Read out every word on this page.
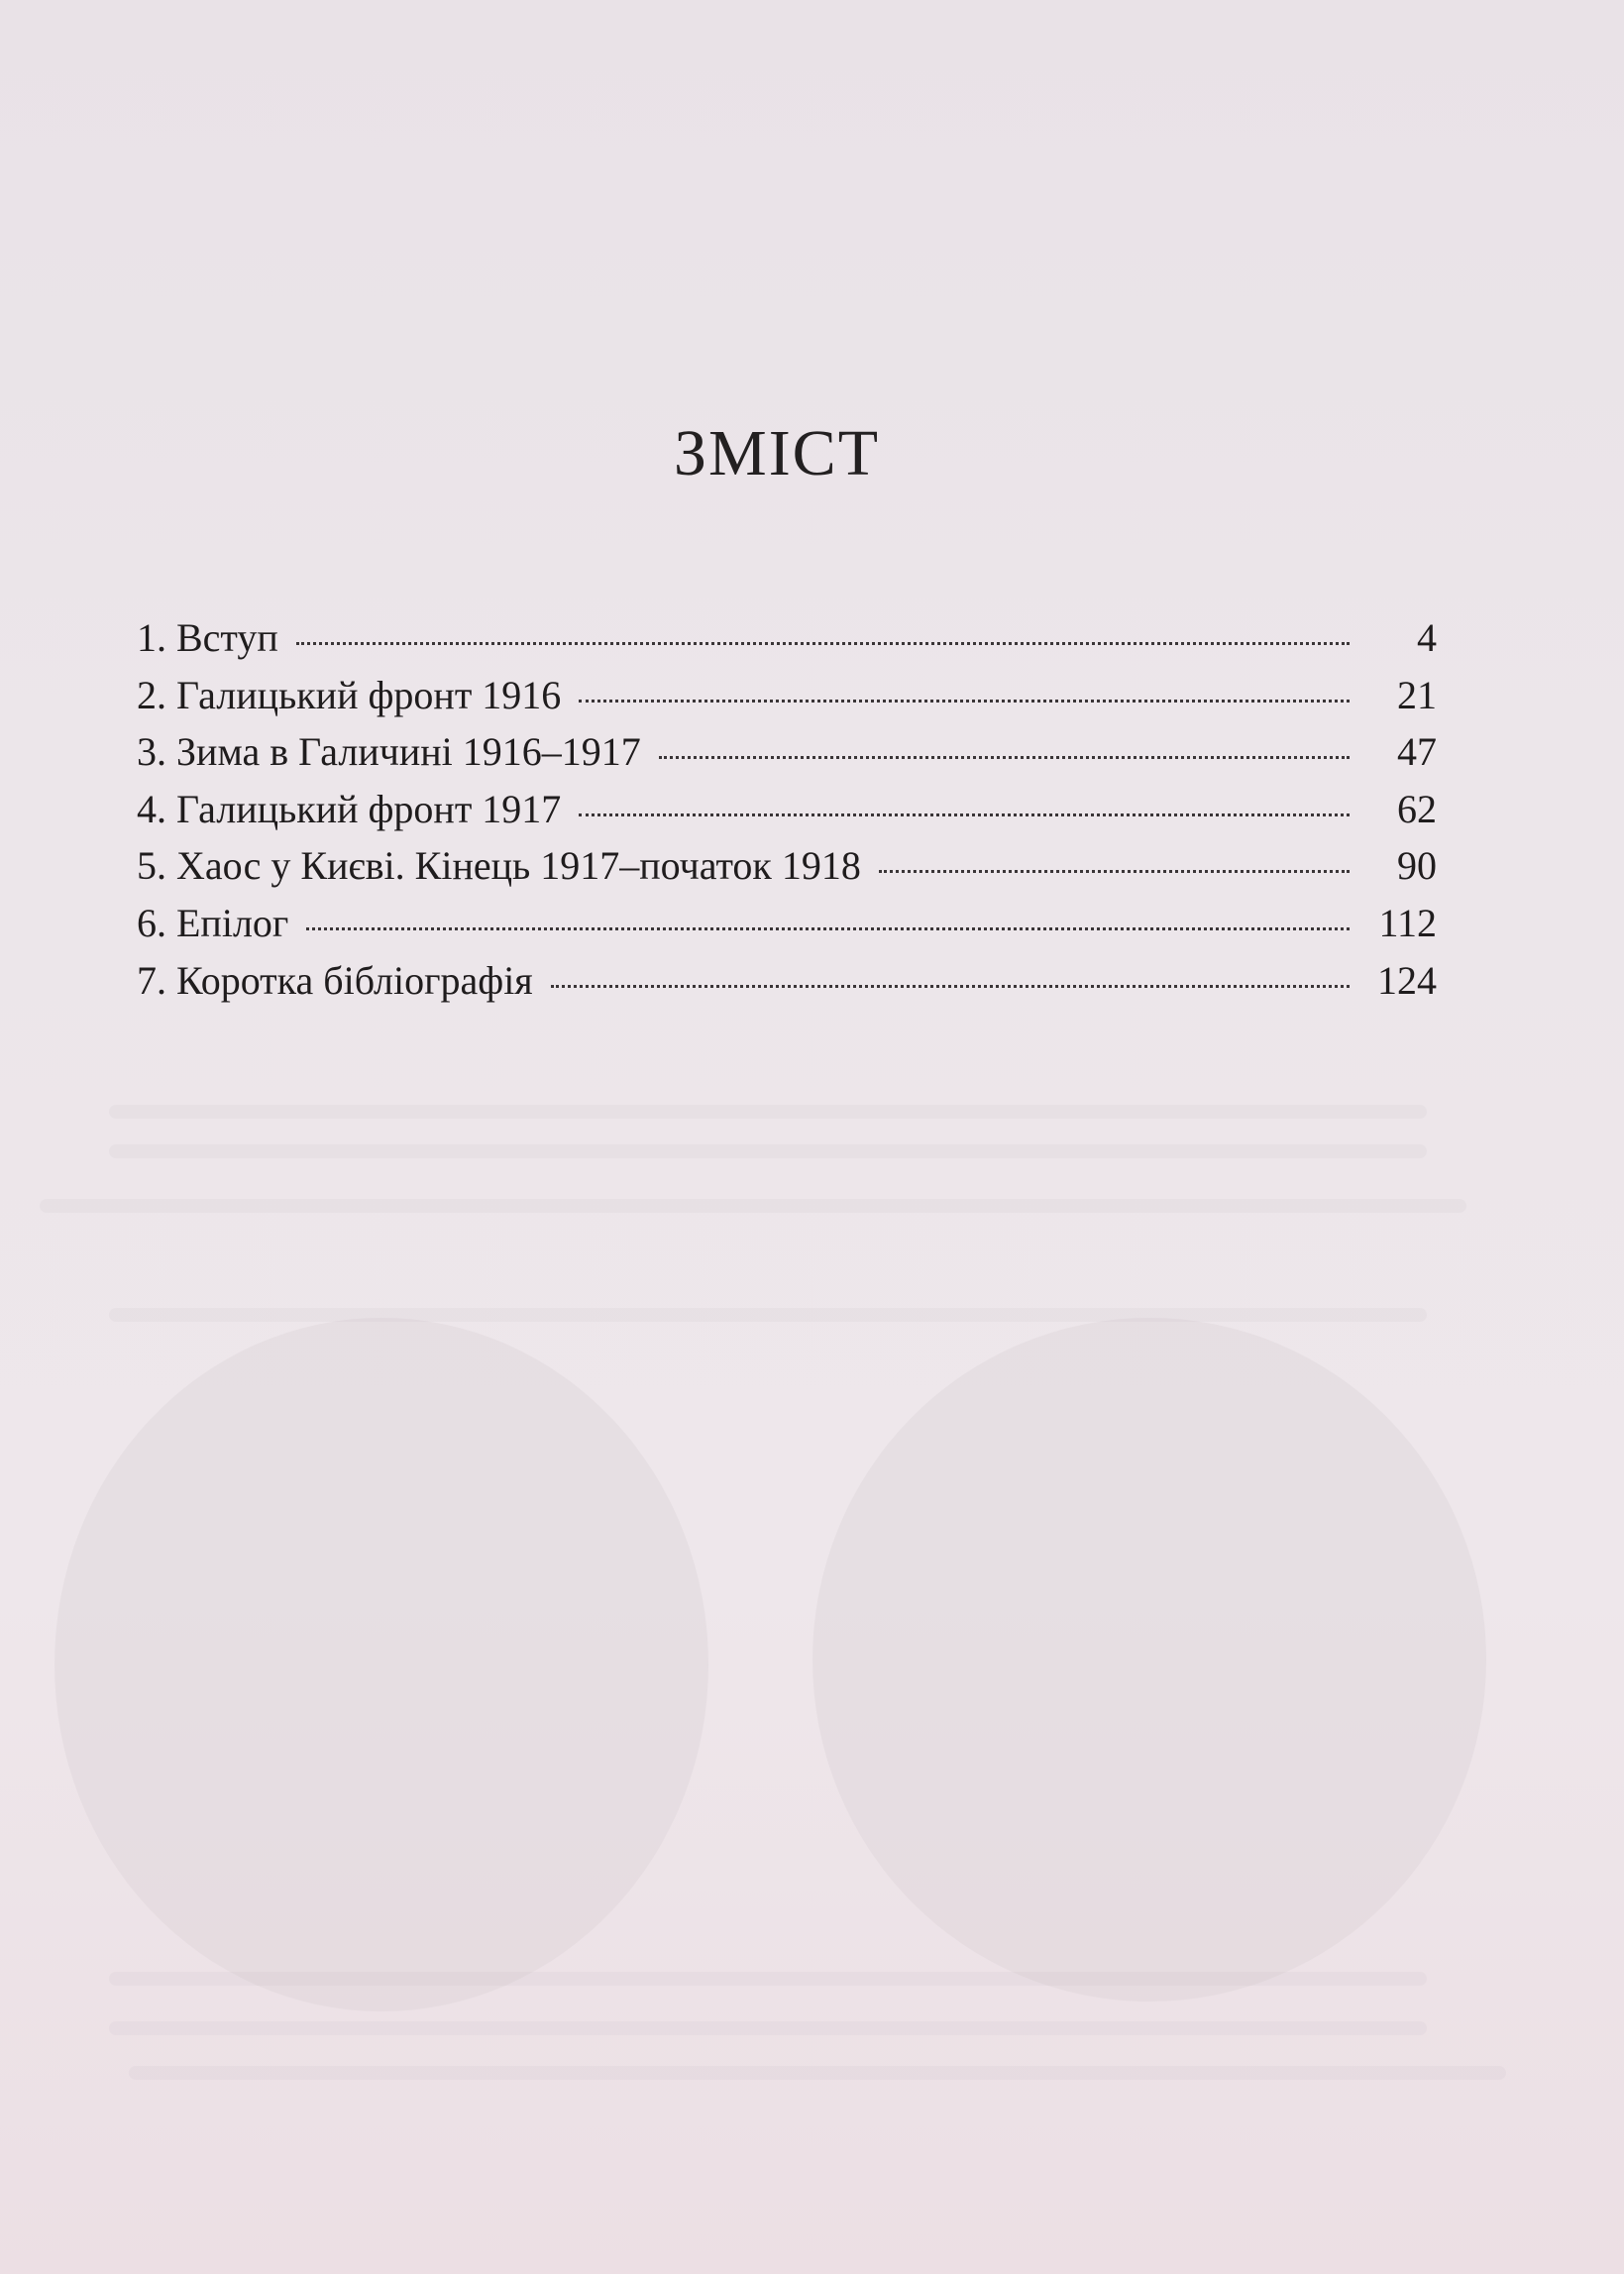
ЗМІСТ
1. Вступ	4
2. Галицький фронт 1916	21
3. Зима в Галичині 1916–1917	47
4. Галицький фронт 1917	62
5. Хаос у Києві. Кінець 1917–початок 1918	90
6. Епілог	112
7. Коротка бібліографія	124
